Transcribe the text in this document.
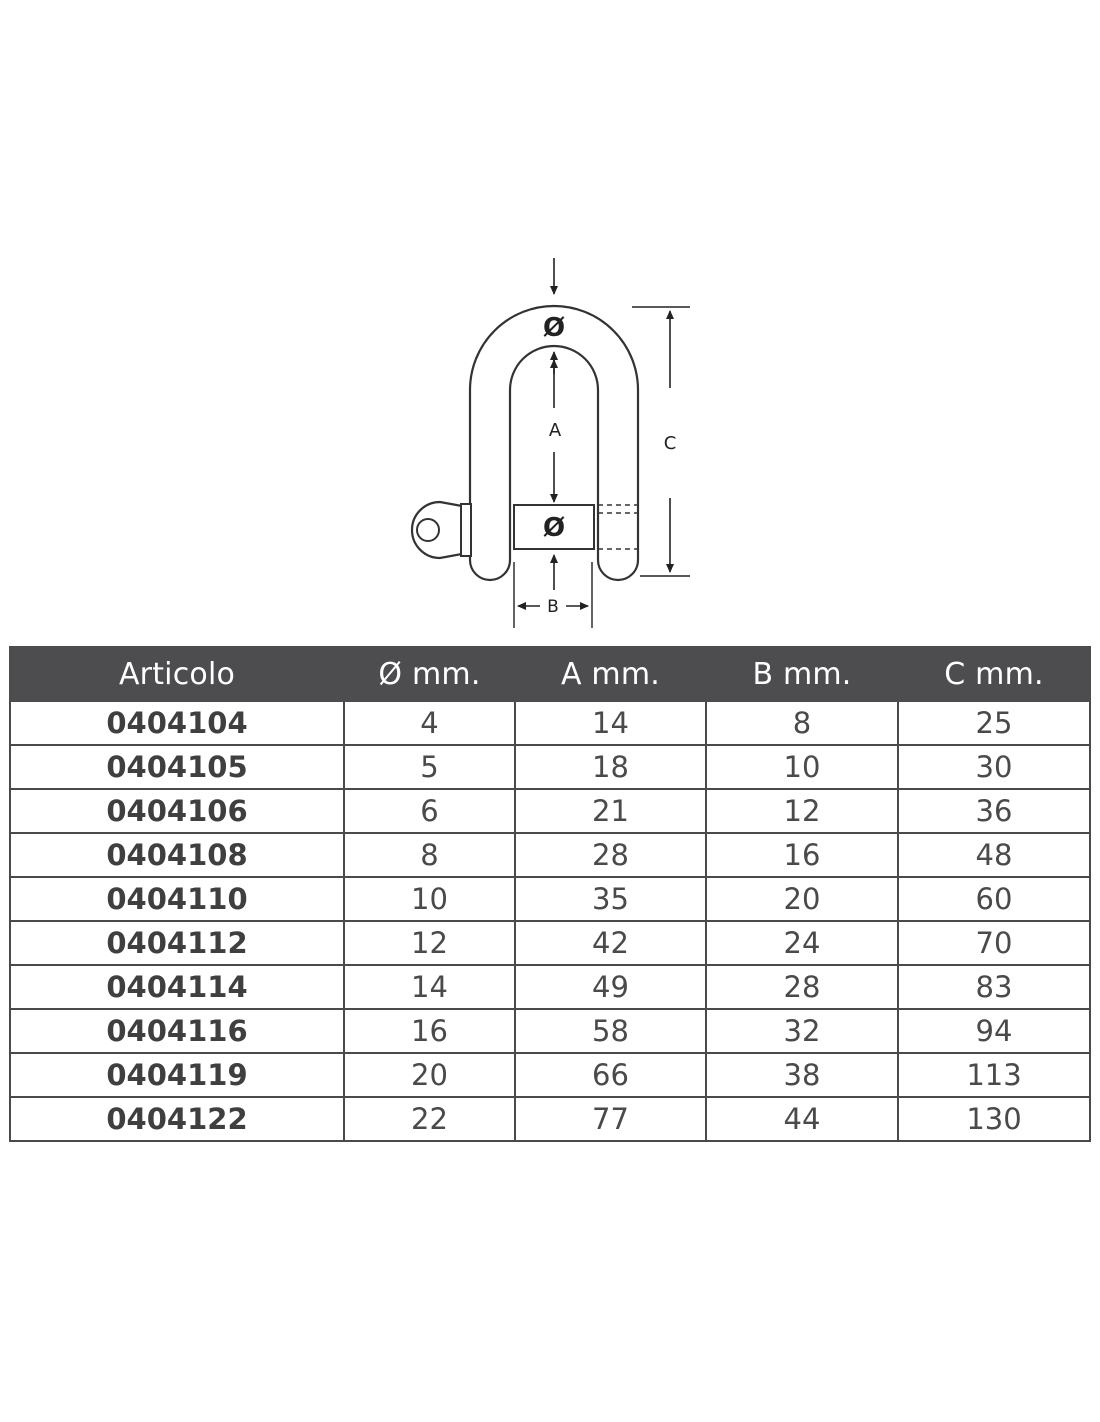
Ø
A
Ø
B
C
Articolo	Ø mm.	A mm.	B mm.	C mm.
0404104	4	14	8	25
0404105	5	18	10	30
0404106	6	21	12	36
0404108	8	28	16	48
0404110	10	35	20	60
0404112	12	42	24	70
0404114	14	49	28	83
0404116	16	58	32	94
0404119	20	66	38	113
0404122	22	77	44	130
